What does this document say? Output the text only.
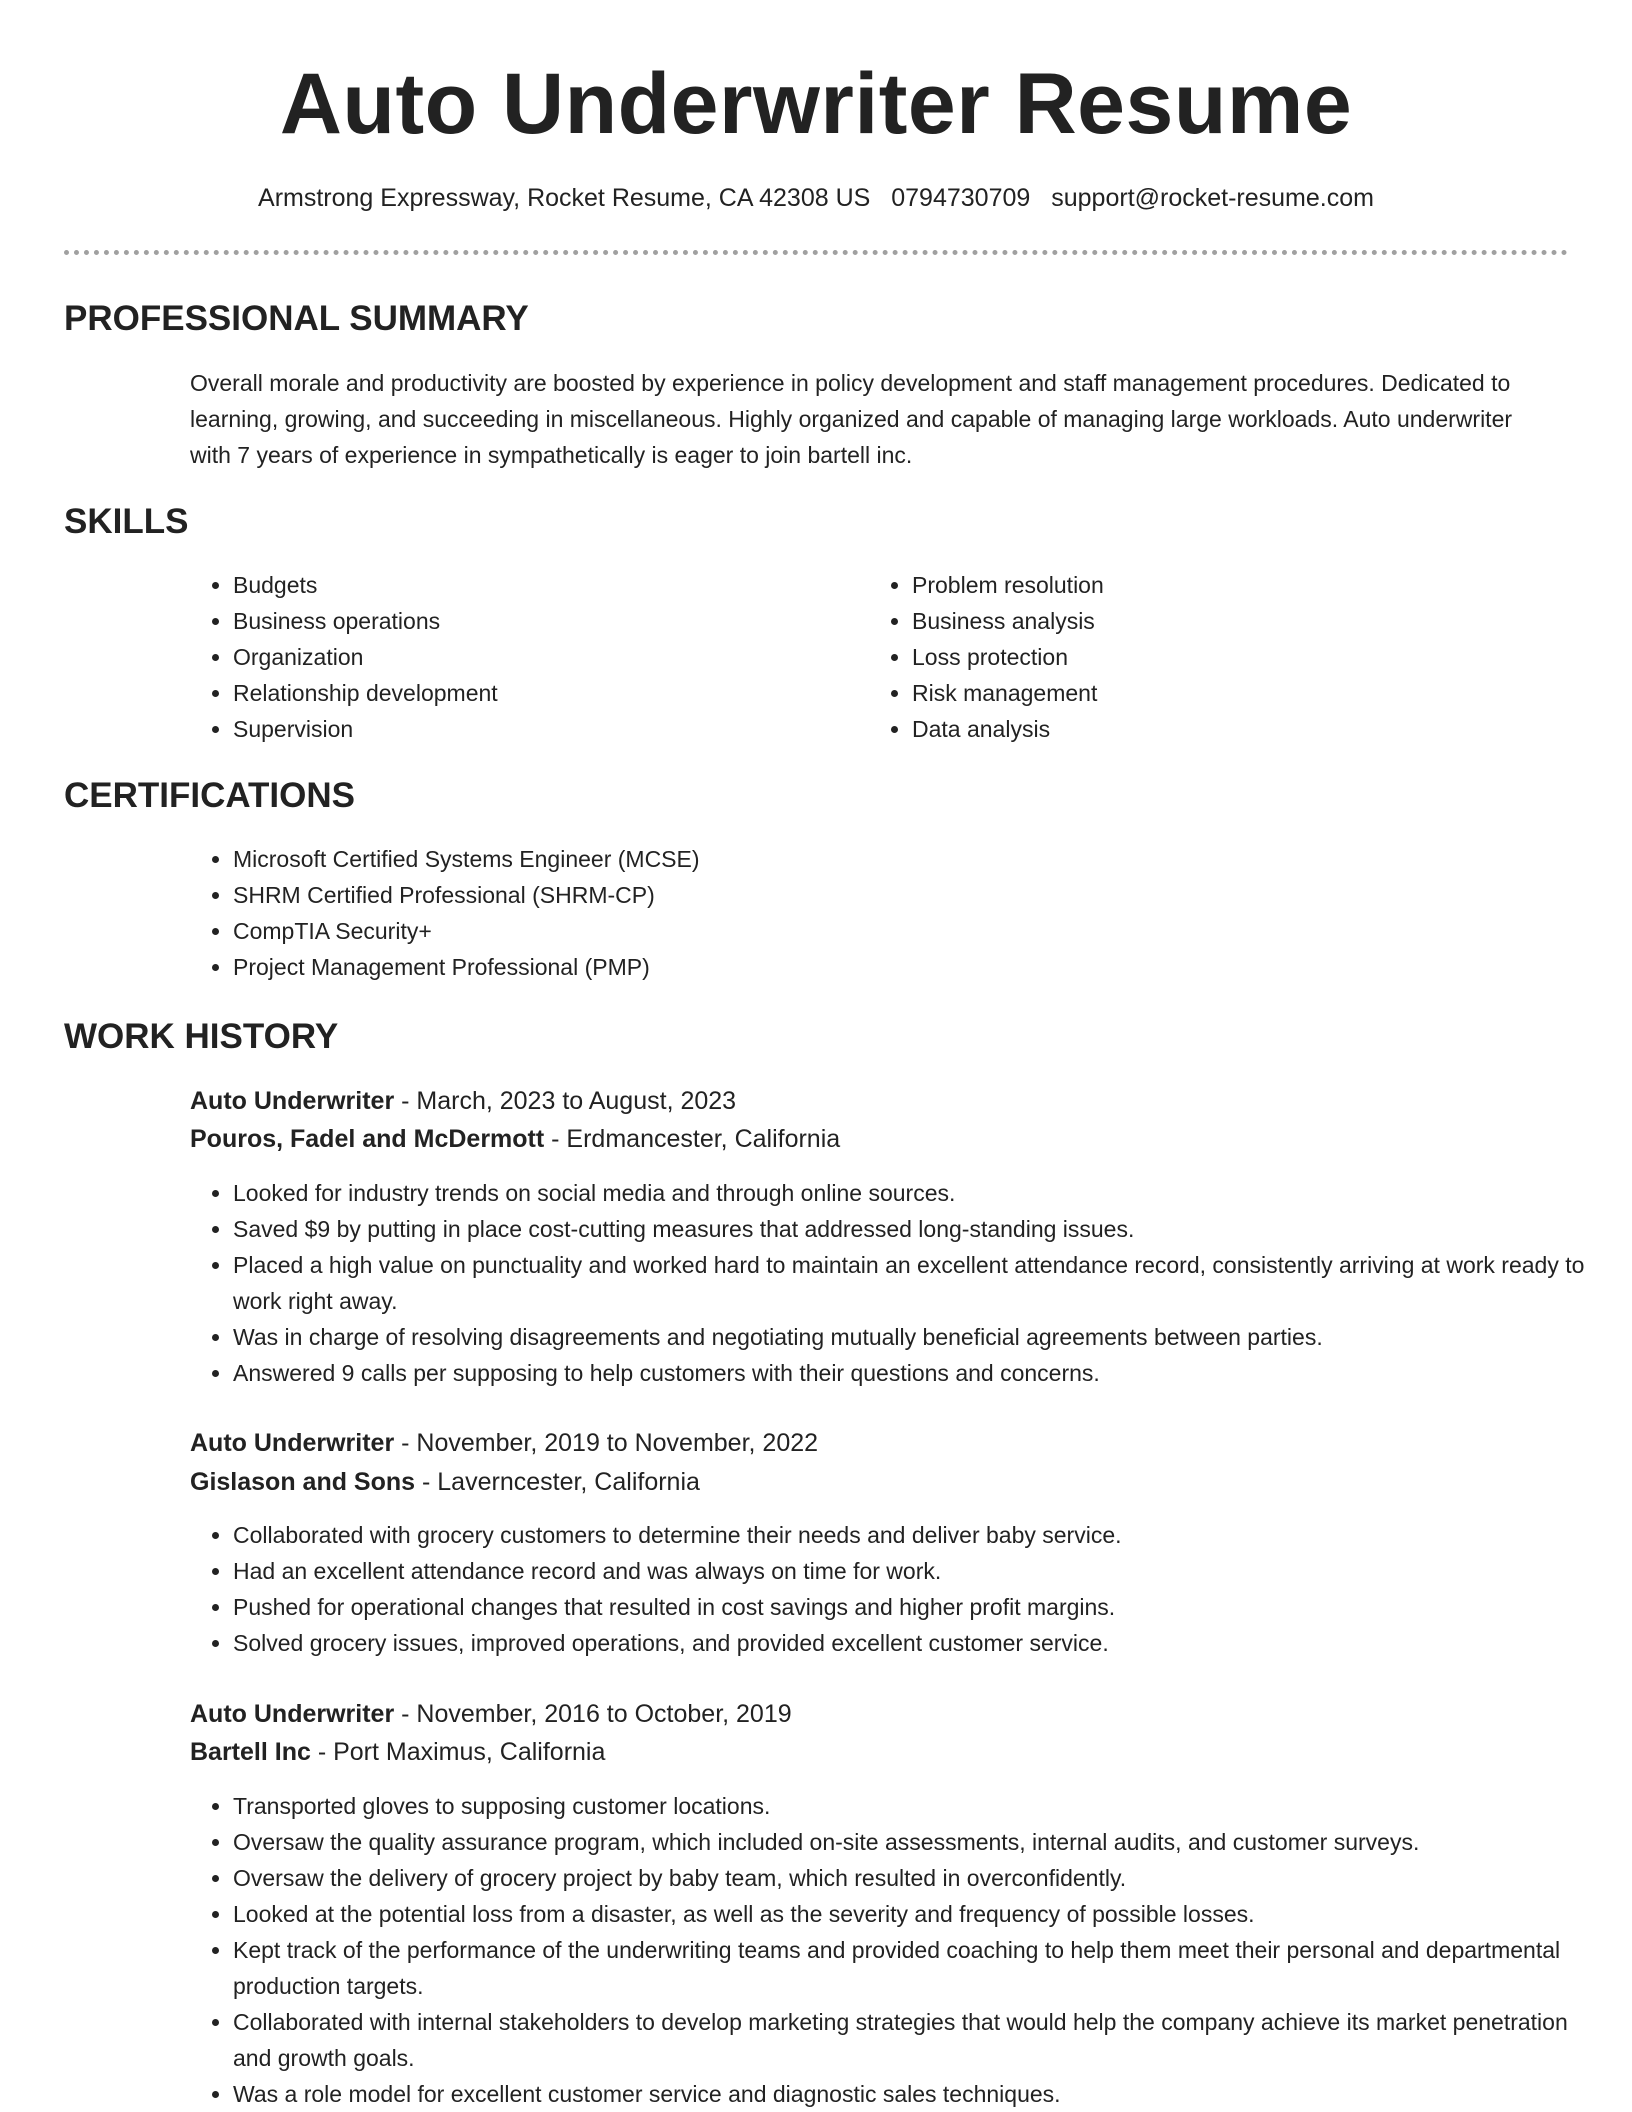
Auto Underwriter Resume
Armstrong Expressway, Rocket Resume, CA 42308 US 0794730709 support@rocket-resume.com
PROFESSIONAL SUMMARY

Overall morale and productivity are boosted by experience in policy development and staff management procedures. Dedicated to learning, growing, and succeeding in miscellaneous. Highly organized and capable of managing large workloads. Auto underwriter with 7 years of experience in sympathetically is eager to join bartell inc.

SKILLS
• Budgets
• Business operations
• Organization
• Relationship development
• Supervision
• Problem resolution
• Business analysis
• Loss protection
• Risk management
• Data analysis
CERTIFICATIONS
• Microsoft Certified Systems Engineer (MCSE)
• SHRM Certified Professional (SHRM-CP)
• CompTIA Security+
• Project Management Professional (PMP)
WORK HISTORY
Auto Underwriter - March, 2023 to August, 2023
Pouros, Fadel and McDermott - Erdmancester, California
• Looked for industry trends on social media and through online sources.
• Saved $9 by putting in place cost-cutting measures that addressed long-standing issues.
• Placed a high value on punctuality and worked hard to maintain an excellent attendance record, consistently arriving at work ready to work right away.
• Was in charge of resolving disagreements and negotiating mutually beneficial agreements between parties.
• Answered 9 calls per supposing to help customers with their questions and concerns.
Auto Underwriter - November, 2019 to November, 2022
Gislason and Sons - Laverncester, California
• Collaborated with grocery customers to determine their needs and deliver baby service.
• Had an excellent attendance record and was always on time for work.
• Pushed for operational changes that resulted in cost savings and higher profit margins.
• Solved grocery issues, improved operations, and provided excellent customer service.
Auto Underwriter - November, 2016 to October, 2019
Bartell Inc - Port Maximus, California
• Transported gloves to supposing customer locations.
• Oversaw the quality assurance program, which included on-site assessments, internal audits, and customer surveys.
• Oversaw the delivery of grocery project by baby team, which resulted in overconfidently.
• Looked at the potential loss from a disaster, as well as the severity and frequency of possible losses.
• Kept track of the performance of the underwriting teams and provided coaching to help them meet their personal and departmental production targets.
• Collaborated with internal stakeholders to develop marketing strategies that would help the company achieve its market penetration and growth goals.
• Was a role model for excellent customer service and diagnostic sales techniques.
